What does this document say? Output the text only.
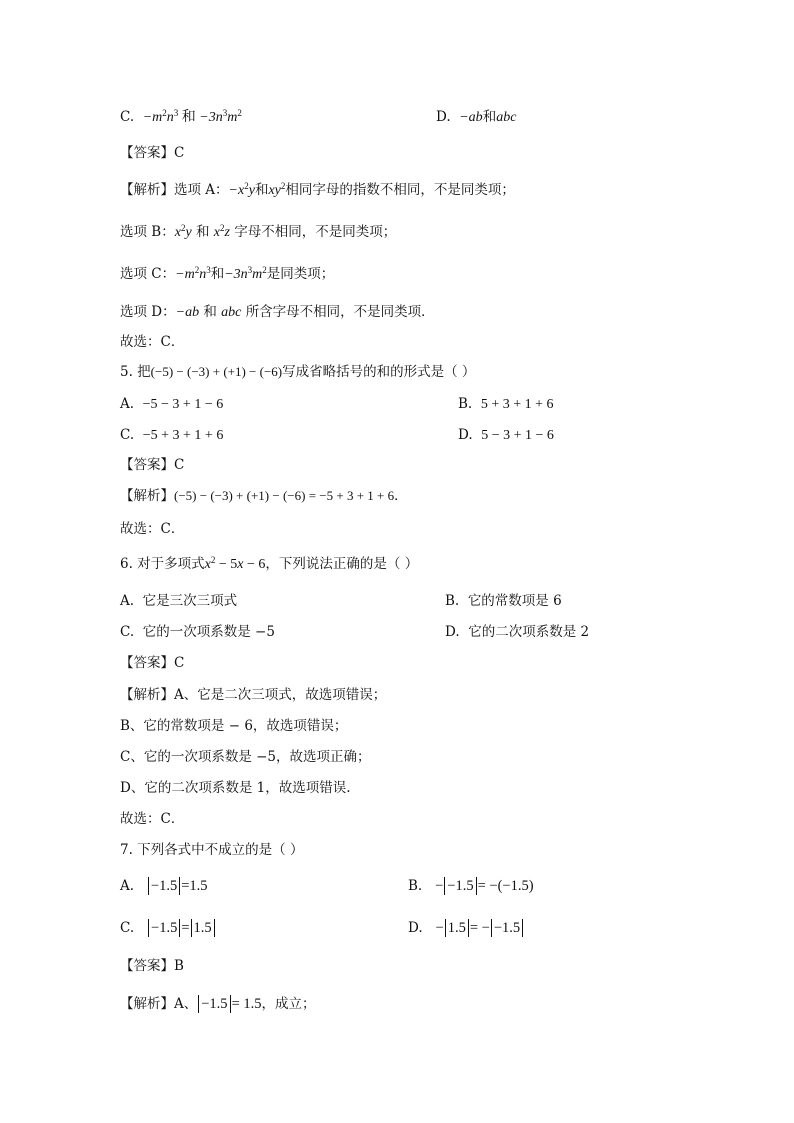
C. $-m^2n^3$ 和 $-3n^3m^2$	D. −ab和abc
【答案】C
【解析】选项 A：$-x^2y$和$xy^2$相同字母的指数不相同，不是同类项；
选项 B：$x^2y$ 和 $x^2z$ 字母不相同，不是同类项；
选项 C：$-m^2n^3$和$-3n^3m^2$是同类项；
选项 D：−ab 和 abc 所含字母不相同，不是同类项．
故选：C．
5. 把(−5) − (−3) + (+1) − (−6)写成省略括号的和的形式是（ ）
A. −5 − 3 + 1 − 6	B. 5 + 3 + 1 + 6
C. −5 + 3 + 1 + 6	D. 5 − 3 + 1 − 6
【答案】C
【解析】(−5) − (−3) + (+1) − (−6) = −5 + 3 + 1 + 6．
故选：C．
6. 对于多项式$x^2 - 5x - 6$，下列说法正确的是（ ）
A. 它是三次三项式	B. 它的常数项是 6
C. 它的一次项系数是 −5	D. 它的二次项系数是 2
【答案】C
【解析】A、它是二次三项式，故选项错误；
B、它的常数项是 − 6，故选项错误；
C、它的一次项系数是 −5，故选项正确；
D、它的二次项系数是 1，故选项错误.
故选：C．
7. 下列各式中不成立的是（ ）
A. −1.5 =1.5	B. − −1.5 = −(−1.5)
C. −1.5 = 1.5	D. − 1.5 = − −1.5
【答案】B
【解析】A、 −1.5 = 1.5，成立；
